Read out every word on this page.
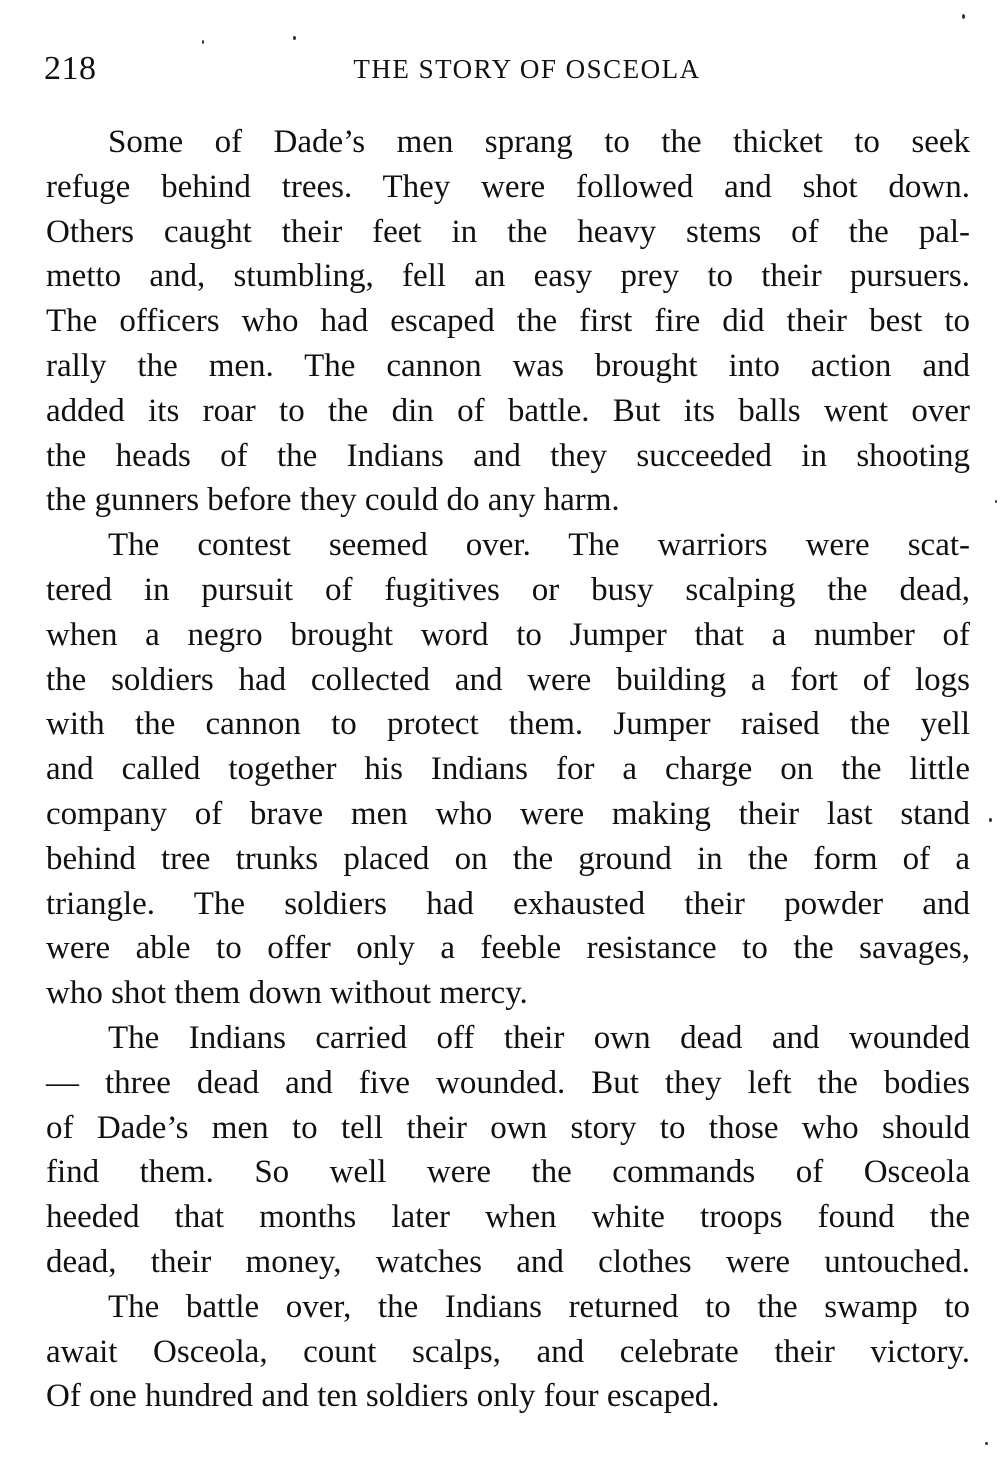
218	THE STORY OF OSCEOLA

Some of Dade’s men sprang to the thicket to seek
refuge behind trees. They were followed and shot down.
Others caught their feet in the heavy stems of the pal-
metto and, stumbling, fell an easy prey to their pursuers.
The officers who had escaped the first fire did their best to
rally the men. The cannon was brought into action and
added its roar to the din of battle. But its balls went over
the heads of the Indians and they succeeded in shooting
the gunners before they could do any harm.

The contest seemed over. The warriors were scat-
tered in pursuit of fugitives or busy scalping the dead,
when a negro brought word to Jumper that a number of
the soldiers had collected and were building a fort of logs
with the cannon to protect them. Jumper raised the yell
and called together his Indians for a charge on the little
company of brave men who were making their last stand
behind tree trunks placed on the ground in the form of a
triangle. The soldiers had exhausted their powder and
were able to offer only a feeble resistance to the savages,
who shot them down without mercy.

The Indians carried off their own dead and wounded
— three dead and five wounded. But they left the bodies
of Dade’s men to tell their own story to those who should
find them. So well were the commands of Osceola
heeded that months later when white troops found the
dead, their money, watches and clothes were untouched.

The battle over, the Indians returned to the swamp to
await Osceola, count scalps, and celebrate their victory.
Of one hundred and ten soldiers only four escaped.
